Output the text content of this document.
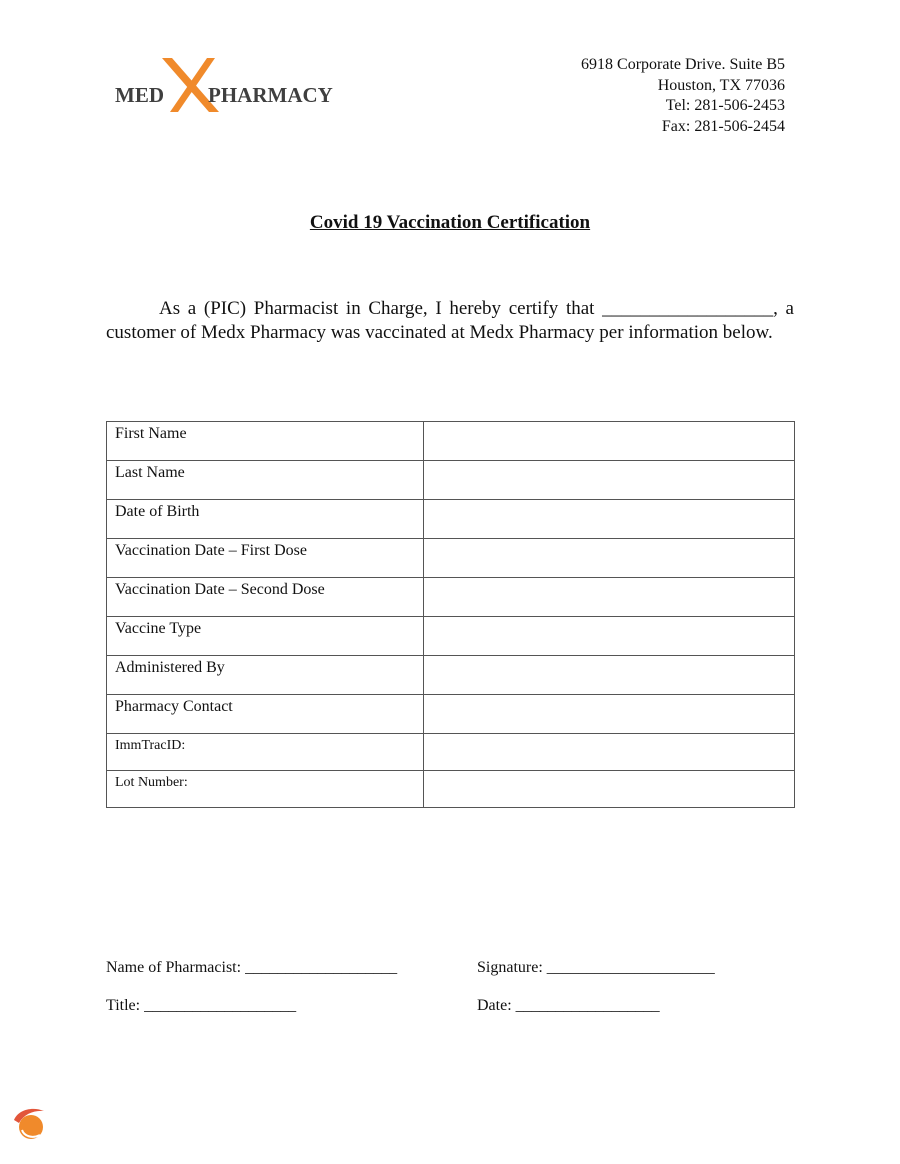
MED PHARMACY
6918 Corporate Drive. Suite B5
Houston, TX 77036
Tel: 281-506-2453
Fax: 281-506-2454
Covid 19 Vaccination Certification
As a (PIC) Pharmacist in Charge, I hereby certify that __________________, a customer of Medx Pharmacy was vaccinated at Medx Pharmacy per information below.
First Name	
Last Name	
Date of Birth	
Vaccination Date – First Dose	
Vaccination Date – Second Dose	
Vaccine Type	
Administered By	
Pharmacy Contact	
ImmTracID:	
Lot Number:	
Name of Pharmacist: ___________________	Signature: _____________________
Title: ___________________	Date: __________________
